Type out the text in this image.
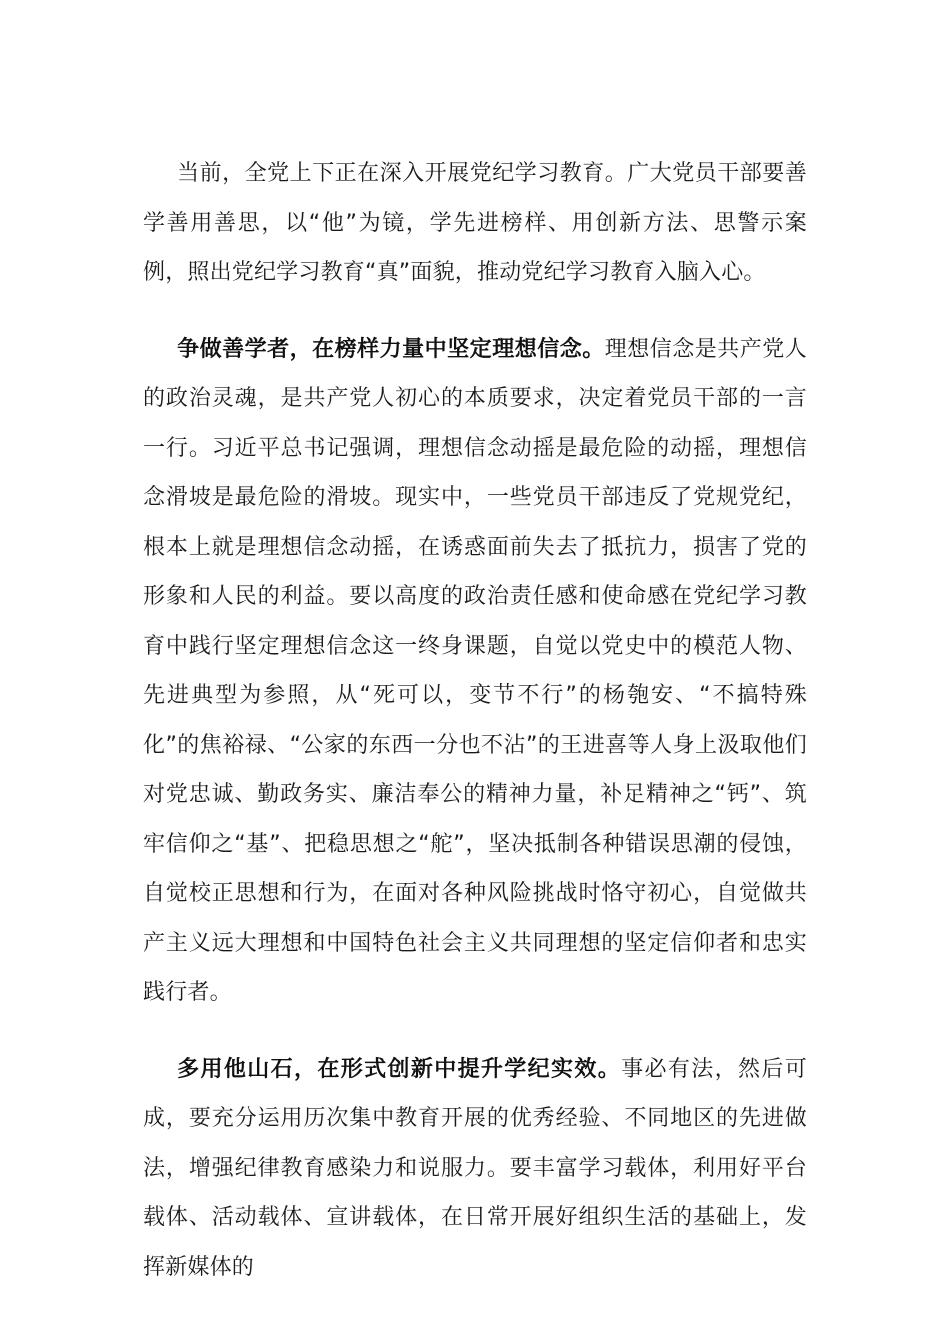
当前，全党上下正在深入开展党纪学习教育。广大党员干部要善学善用善思，以“他”为镜，学先进榜样、用创新方法、思警示案例，照出党纪学习教育“真”面貌，推动党纪学习教育入脑入心。

争做善学者，在榜样力量中坚定理想信念。理想信念是共产党人的政治灵魂，是共产党人初心的本质要求，决定着党员干部的一言一行。习近平总书记强调，理想信念动摇是最危险的动摇，理想信念滑坡是最危险的滑坡。现实中，一些党员干部违反了党规党纪，根本上就是理想信念动摇，在诱惑面前失去了抵抗力，损害了党的形象和人民的利益。要以高度的政治责任感和使命感在党纪学习教育中践行坚定理想信念这一终身课题，自觉以党史中的模范人物、先进典型为参照，从“死可以，变节不行”的杨匏安、“不搞特殊化”的焦裕禄、“公家的东西一分也不沾”的王进喜等人身上汲取他们对党忠诚、勤政务实、廉洁奉公的精神力量，补足精神之“钙”、筑牢信仰之“基”、把稳思想之“舵”，坚决抵制各种错误思潮的侵蚀，自觉校正思想和行为，在面对各种风险挑战时恪守初心，自觉做共产主义远大理想和中国特色社会主义共同理想的坚定信仰者和忠实践行者。

多用他山石，在形式创新中提升学纪实效。事必有法，然后可成，要充分运用历次集中教育开展的优秀经验、不同地区的先进做法，增强纪律教育感染力和说服力。要丰富学习载体，利用好平台载体、活动载体、宣讲载体，在日常开展好组织生活的基础上，发挥新媒体的
